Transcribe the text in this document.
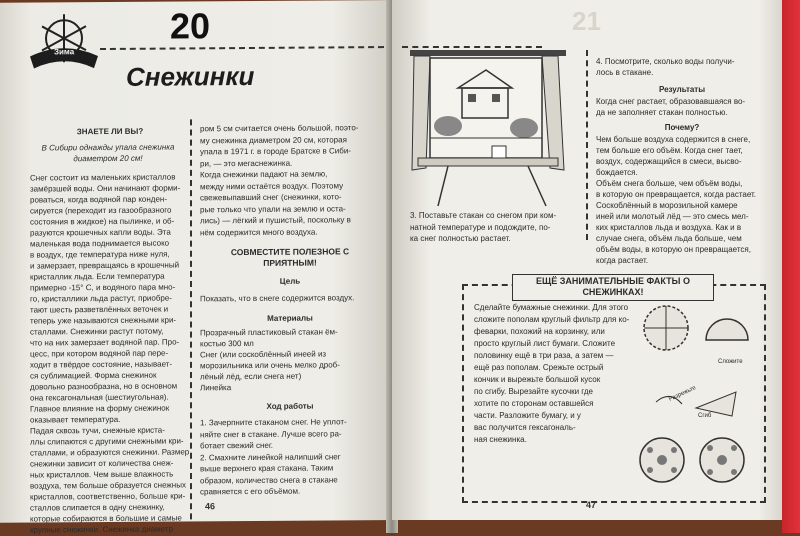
Зима
20
Снежинки
ЗНАЕТЕ ЛИ ВЫ?
В Сибири однажды упала снежинка диаметром 20 см!
Снег состоит из маленьких кристаллов
замёрзшей воды. Они начинают форми-
роваться, когда водяной пар конден-
сируется (переходит из газообразного
состояния в жидкое) на пылинке, и об-
разуются крошечных капли воды. Эта
маленькая вода поднимается высоко
в воздух, где температура ниже нуля,
и замерзает, превращаясь в крошечный
кристаллик льда. Если температура
примерно -15° С, и водяного пара мно-
го, кристаллики льда растут, приобре-
тают шесть разветвлённых веточек и
теперь уже называются снежными кри-
сталлами. Снежинки растут потому,
что на них замерзает водяной пар. Про-
цесс, при котором водяной пар пере-
ходит в твёрдое состояние, называет-
ся сублимацией. Форма снежинок
довольно разнообразна, но в основном
она гексагональная (шестиугольная).
Главное влияние на форму снежинок
оказывает температура.
Падая сквозь тучи, снежные криста-
ллы слипаются с другими снежными кри-
сталлами, и образуются снежинки. Размер
снежинки зависит от количества снеж-
ных кристаллов. Чем выше влажность
воздуха, тем больше образуется снежных
кристаллов, соответственно, больше кри-
сталлов слипается в одну снежинку,
которые собираются в большие и самые
крупные снежинки. Снежинка диаметр
ром 5 см считается очень большой, поэто-
му снежинка диаметром 20 см, которая
упала в 1971 г. в городе Братске в Сиби-
ри, — это мегаснежинка.
Когда снежинки падают на землю,
между ними остаётся воздух. Поэтому
свежевыпавший снег (снежинки, кото-
рые только что упали на землю и оста-
лись) — лёгкий и пушистый, поскольку в
нём содержится много воздуха.
СОВМЕСТИТЕ ПОЛЕЗНОЕ С ПРИЯТНЫМ!
Цель
Показать, что в снеге содержится воздух.
Материалы
Прозрачный пластиковый стакан ём-
костью 300 мл
Снег (или соскоблённый инеей из
морозильника или очень мелко дроб-
лёный лёд, если снега нет)
Линейка
Ход работы
1. Зачерпните стаканом снег. Не уплот-
няйте снег в стакане. Лучше всего ра-
ботает свежий снег.
2. Смахните линейкой налипший снег
выше верхнего края стакана. Таким
образом, количество снега в стакане
сравняется с его объёмом.
46
21
3. Поставьте стакан со снегом при ком-
натной температуре и подождите, по-
ка снег полностью растает.
4. Посмотрите, сколько воды получи-
лось в стакане.
Результаты
Когда снег растает, образовавшаяся во-
да не заполняет стакан полностью.
Почему?
Чем больше воздуха содержится в снеге,
тем больше его объём. Когда снег тает,
воздух, содержащийся в смеси, высво-
бождается.
Объём снега больше, чем объём воды,
в которую он превращается, когда растает.
Соскоблённый в морозильной камере
иней или молотый лёд — это смесь мел-
ких кристаллов льда и воздуха. Как и в
случае снега, объём льда больше, чем
объём воды, в которую он превращается,
когда растает.
ЕЩЁ ЗАНИМАТЕЛЬНЫЕ ФАКТЫ О СНЕЖИНКАХ!
Сделайте бумажные снежинки. Для этого
сложите пополам круглый фильтр для ко-
феварки, похожий на корзинку, или
просто круглый лист бумаги. Сложите
половинку ещё в три раза, а затем —
ещё раз пополам. Срежьте острый
кончик и вырежьте большой кусок
по сгибу. Вырезайте кусочки где
хотите по сторонам оставшейся
части. Разложите бумагу, и у
вас получится гексагональ-
ная снежинка.
Сложите
Разрежьте
Сгиб
47
